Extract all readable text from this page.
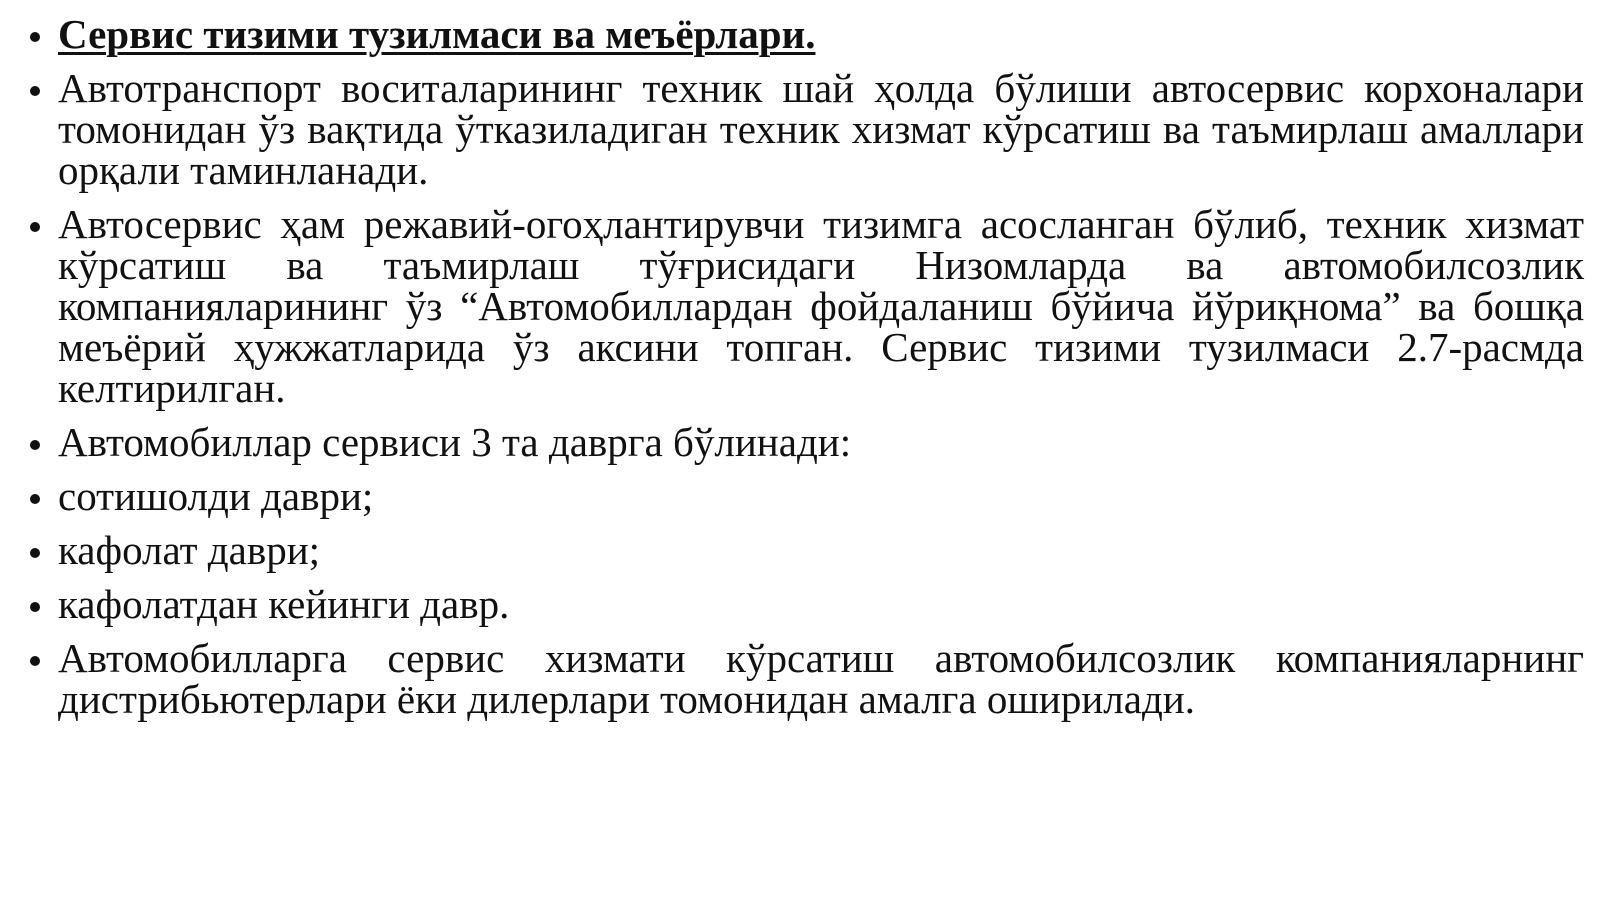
Сервис тизими тузилмаси ва меъёрлари.
Автотранспорт воситаларининг техник шай ҳолда бўлиши автосервис корхоналари томонидан ўз вақтида ўтказиладиган техник хизмат кўрсатиш ва таъмирлаш амаллари орқали таминланади.
Автосервис ҳам режавий-огоҳлантирувчи тизимга асосланган бўлиб, техник хизмат кўрсатиш ва таъмирлаш тўғрисидаги Низомларда ва автомобилсозлик компанияларининг ўз “Автомобиллардан фойдаланиш бўйича йўриқнома” ва бошқа меъёрий ҳужжатларида ўз аксини топган. Сервис тизими тузилмаси 2.7-расмда келтирилган.
Автомобиллар сервиси 3 та даврга бўлинади:
сотишолди даври;
кафолат даври;
кафолатдан кейинги давр.
Автомобилларга сервис хизмати кўрсатиш автомобилсозлик компанияларнинг дистрибьютерлари ёки дилерлари томонидан амалга оширилади.
